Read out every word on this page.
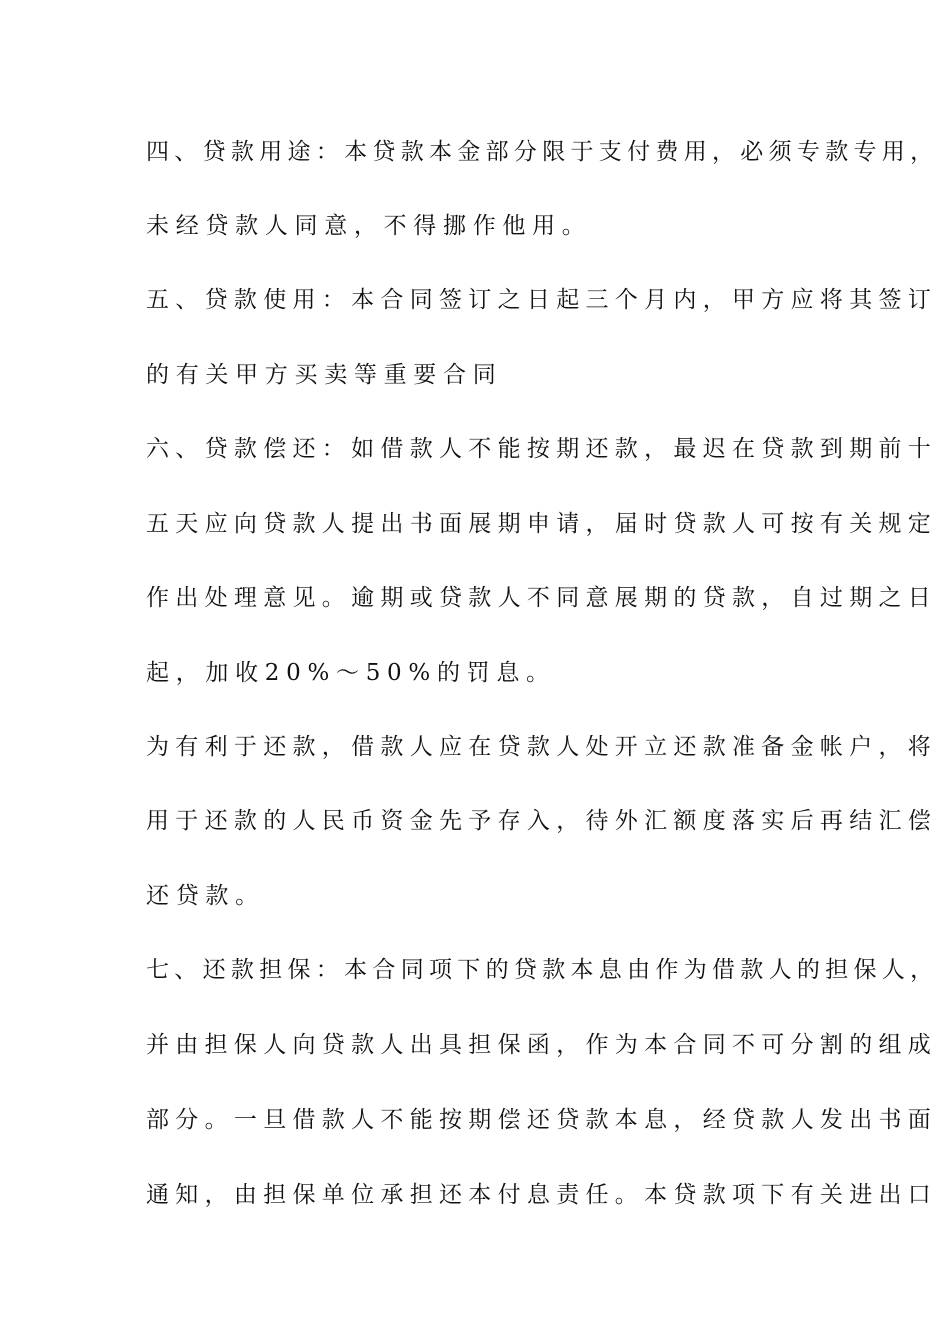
四、贷款用途：本贷款本金部分限于支付费用，必须专款专用，
未经贷款人同意，不得挪作他用。
五、贷款使用：本合同签订之日起三个月内，甲方应将其签订
的有关甲方买卖等重要合同
六、贷款偿还：如借款人不能按期还款，最迟在贷款到期前十
五天应向贷款人提出书面展期申请，届时贷款人可按有关规定
作出处理意见。逾期或贷款人不同意展期的贷款，自过期之日
起，加收20%～50%的罚息。
为有利于还款，借款人应在贷款人处开立还款准备金帐户，将
用于还款的人民币资金先予存入，待外汇额度落实后再结汇偿
还贷款。
七、还款担保：本合同项下的贷款本息由作为借款人的担保人，
并由担保人向贷款人出具担保函，作为本合同不可分割的组成
部分。一旦借款人不能按期偿还贷款本息，经贷款人发出书面
通知，由担保单位承担还本付息责任。本贷款项下有关进出口
